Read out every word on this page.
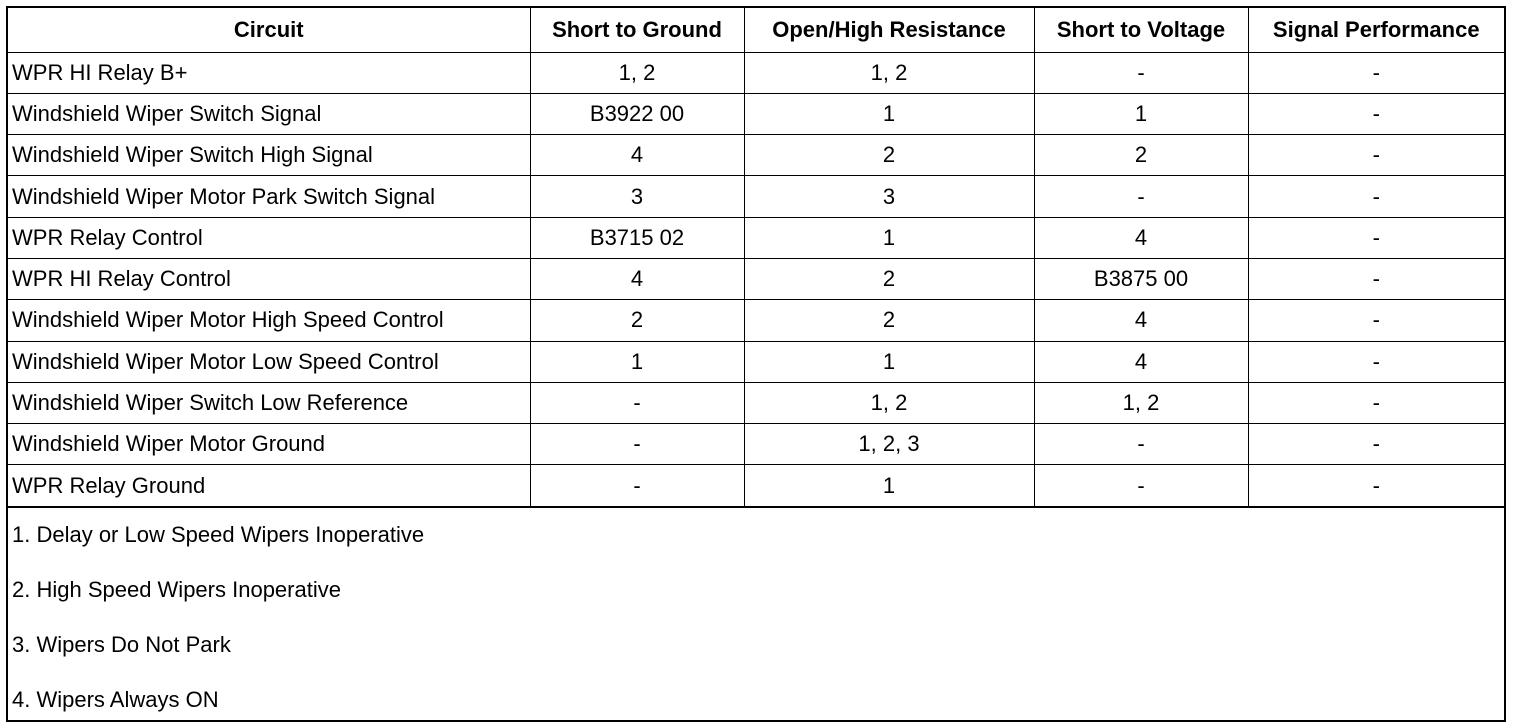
Circuit	Short to Ground	Open/High Resistance	Short to Voltage	Signal Performance
WPR HI Relay B+	1, 2	1, 2	-	-
Windshield Wiper Switch Signal	B3922 00	1	1	-
Windshield Wiper Switch High Signal	4	2	2	-
Windshield Wiper Motor Park Switch Signal	3	3	-	-
WPR Relay Control	B3715 02	1	4	-
WPR HI Relay Control	4	2	B3875 00	-
Windshield Wiper Motor High Speed Control	2	2	4	-
Windshield Wiper Motor Low Speed Control	1	1	4	-
Windshield Wiper Switch Low Reference	-	1, 2	1, 2	-
Windshield Wiper Motor Ground	-	1, 2, 3	-	-
WPR Relay Ground	-	1	-	-
1. Delay or Low Speed Wipers Inoperative
2. High Speed Wipers Inoperative
3. Wipers Do Not Park
4. Wipers Always ON
